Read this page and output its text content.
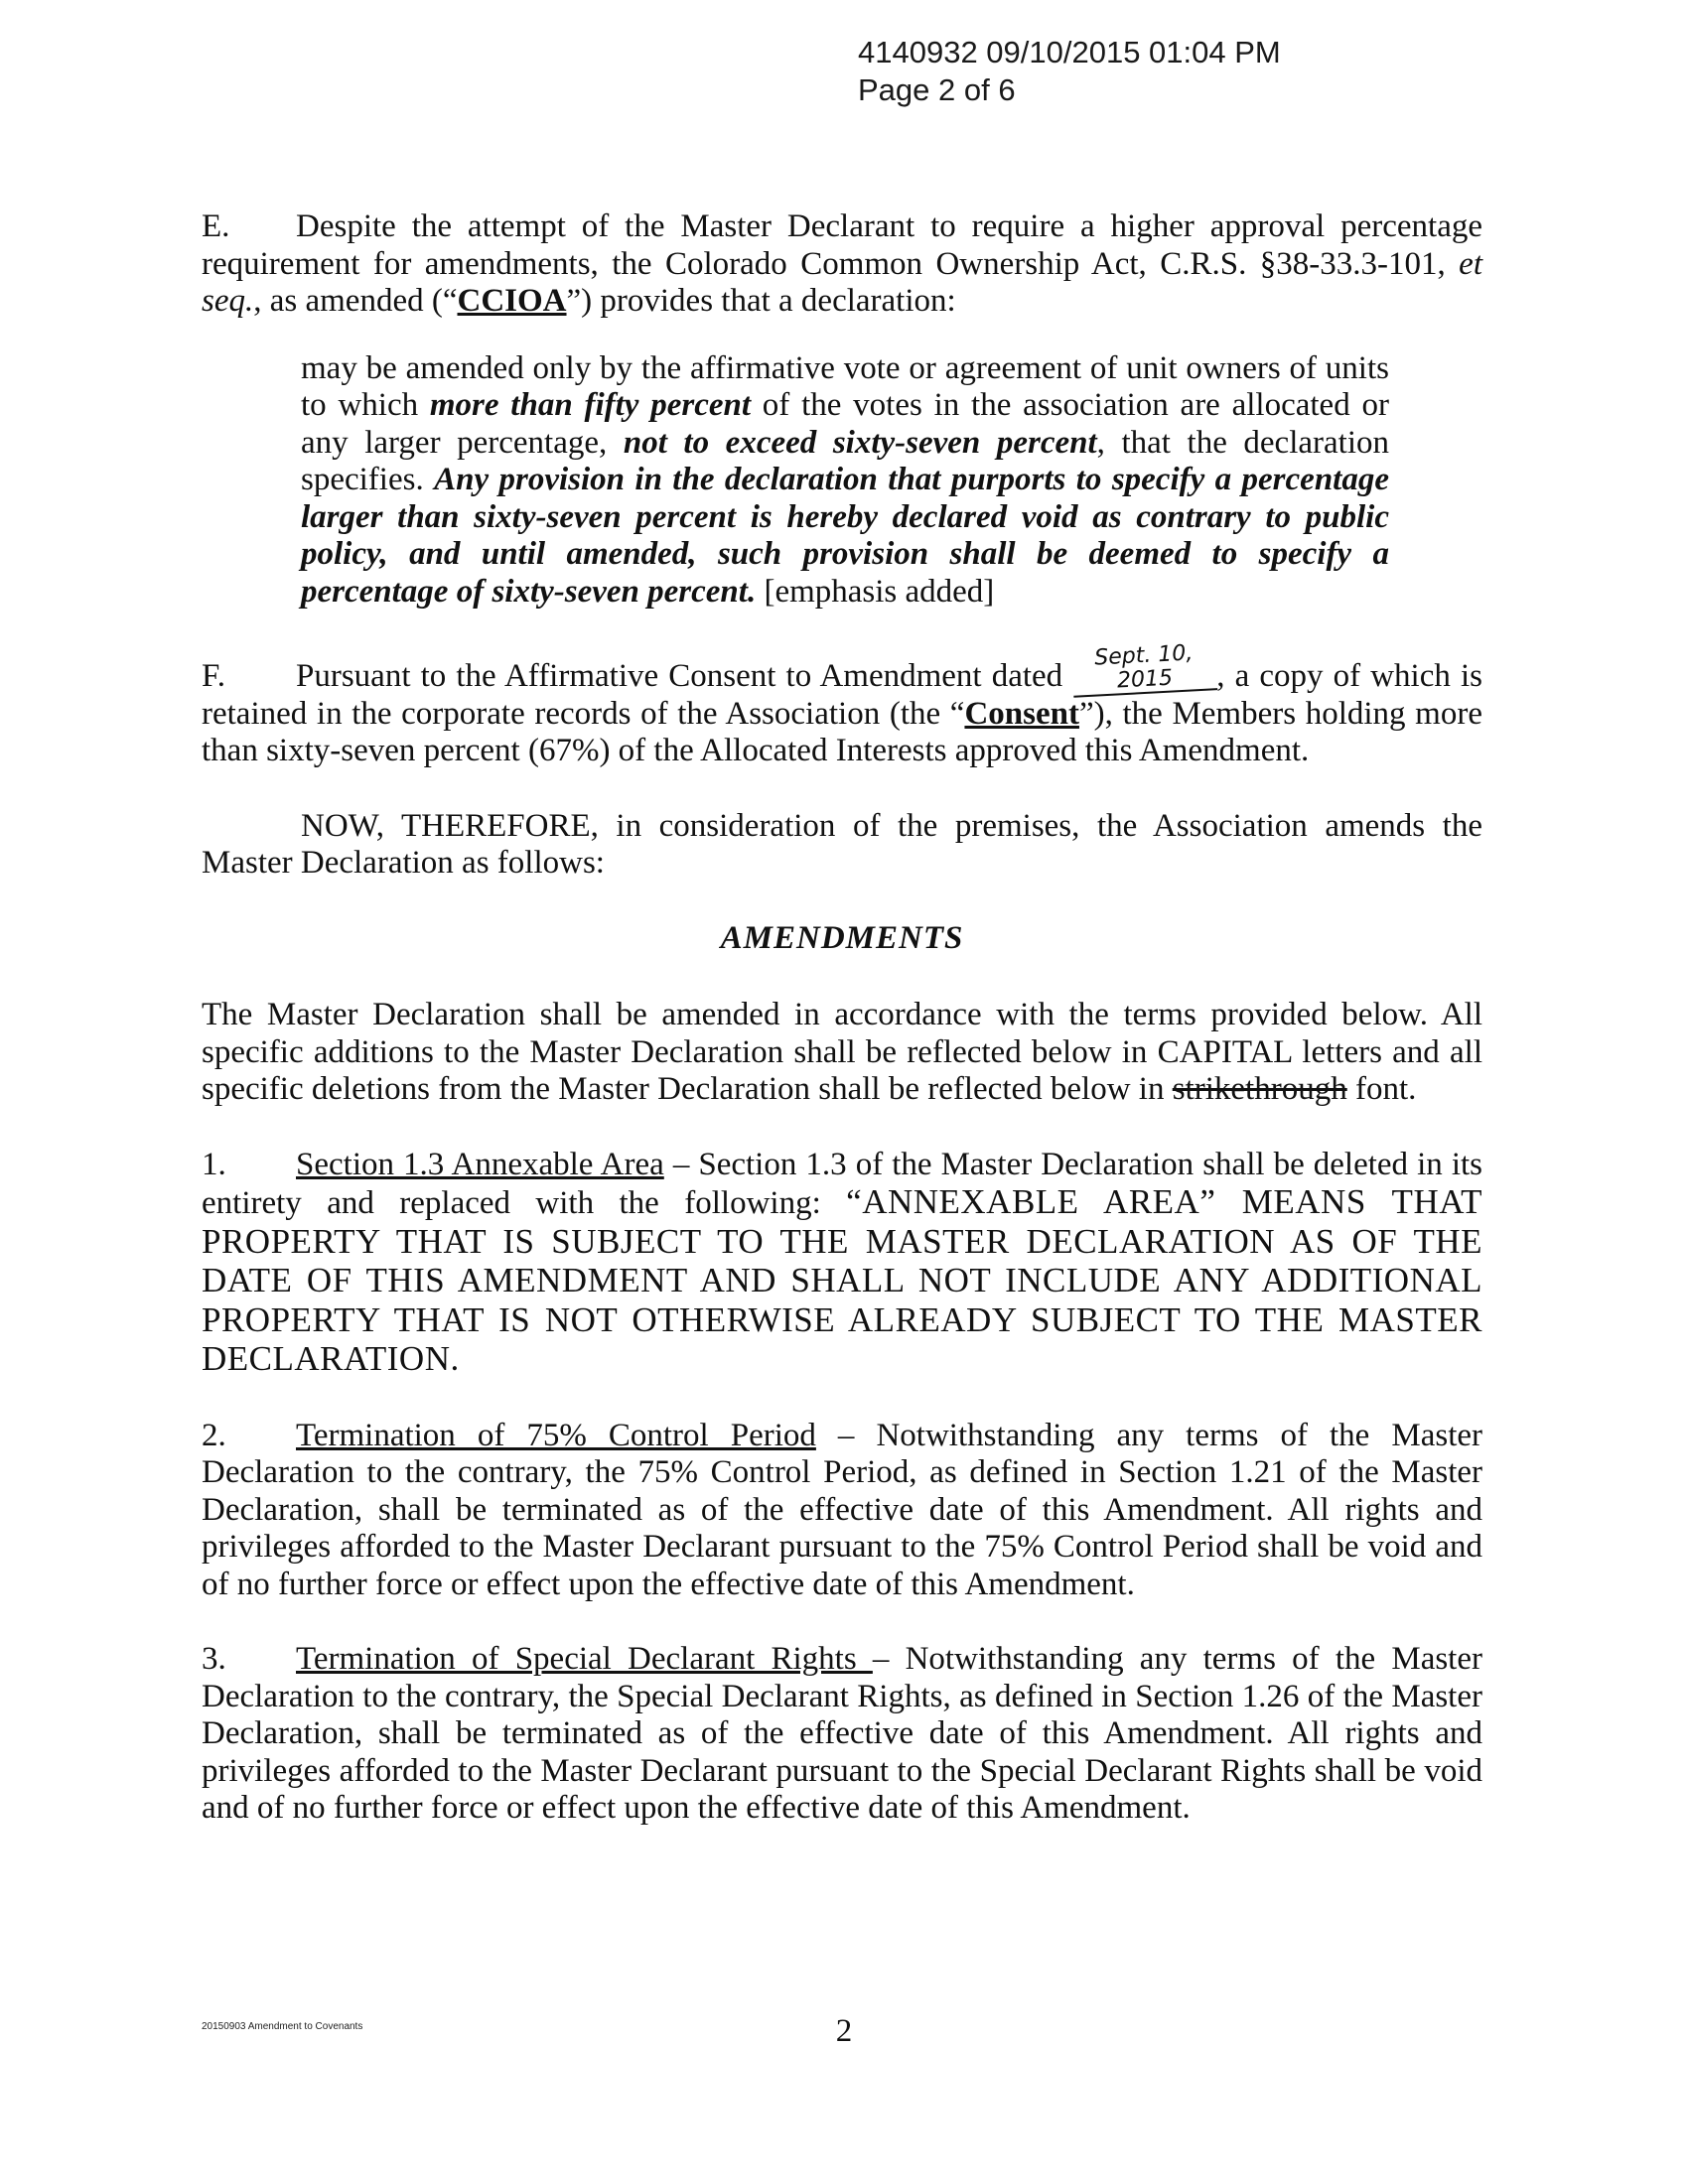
4140932 09/10/2015 01:04 PM
Page 2 of 6

E. Despite the attempt of the Master Declarant to require a higher approval percentage requirement for amendments, the Colorado Common Ownership Act, C.R.S. §38-33.3-101, et seq., as amended (“CCIOA”) provides that a declaration:

may be amended only by the affirmative vote or agreement of unit owners of units to which more than fifty percent of the votes in the association are allocated or any larger percentage, not to exceed sixty-seven percent, that the declaration specifies. Any provision in the declaration that purports to specify a percentage larger than sixty-seven percent is hereby declared void as contrary to public policy, and until amended, such provision shall be deemed to specify a percentage of sixty-seven percent. [emphasis added]

F. Pursuant to the Affirmative Consent to Amendment dated Sept. 10, 2015 , a copy of which is retained in the corporate records of the Association (the “Consent”), the Members holding more than sixty-seven percent (67%) of the Allocated Interests approved this Amendment.

NOW, THEREFORE, in consideration of the premises, the Association amends the Master Declaration as follows:

AMENDMENTS

The Master Declaration shall be amended in accordance with the terms provided below. All specific additions to the Master Declaration shall be reflected below in CAPITAL letters and all specific deletions from the Master Declaration shall be reflected below in strikethrough font.

1. Section 1.3 Annexable Area – Section 1.3 of the Master Declaration shall be deleted in its entirety and replaced with the following: “ANNEXABLE AREA” MEANS THAT PROPERTY THAT IS SUBJECT TO THE MASTER DECLARATION AS OF THE DATE OF THIS AMENDMENT AND SHALL NOT INCLUDE ANY ADDITIONAL PROPERTY THAT IS NOT OTHERWISE ALREADY SUBJECT TO THE MASTER DECLARATION.

2. Termination of 75% Control Period – Notwithstanding any terms of the Master Declaration to the contrary, the 75% Control Period, as defined in Section 1.21 of the Master Declaration, shall be terminated as of the effective date of this Amendment. All rights and privileges afforded to the Master Declarant pursuant to the 75% Control Period shall be void and of no further force or effect upon the effective date of this Amendment.

3. Termination of Special Declarant Rights – Notwithstanding any terms of the Master Declaration to the contrary, the Special Declarant Rights, as defined in Section 1.26 of the Master Declaration, shall be terminated as of the effective date of this Amendment. All rights and privileges afforded to the Master Declarant pursuant to the Special Declarant Rights shall be void and of no further force or effect upon the effective date of this Amendment.

20150903 Amendment to Covenants	2
